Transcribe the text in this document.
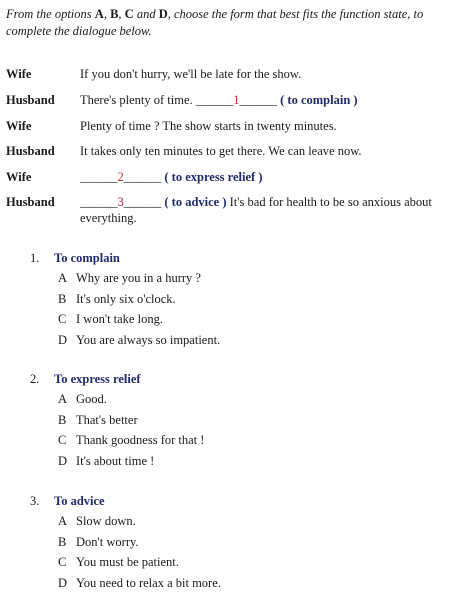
From the options A, B, C and D, choose the form that best fits the function state, to complete the dialogue below.
Wife	If you don't hurry, we'll be late for the show.
Husband There's plenty of time. ______1______ ( to complain )
Wife	Plenty of time ? The show starts in twenty minutes.
Husband It takes only ten minutes to get there. We can leave now.
Wife	______2______ ( to express relief )
Husband ______3______ ( to advice ) It's bad for health to be so anxious about everything.
1. To complain
A Why are you in a hurry ?
B It's only six o'clock.
C I won't take long.
D You are always so impatient.
2. To express relief
A Good.
B That's better
C Thank goodness for that !
D It's about time !
3. To advice
A Slow down.
B Don't worry.
C You must be patient.
D You need to relax a bit more.
